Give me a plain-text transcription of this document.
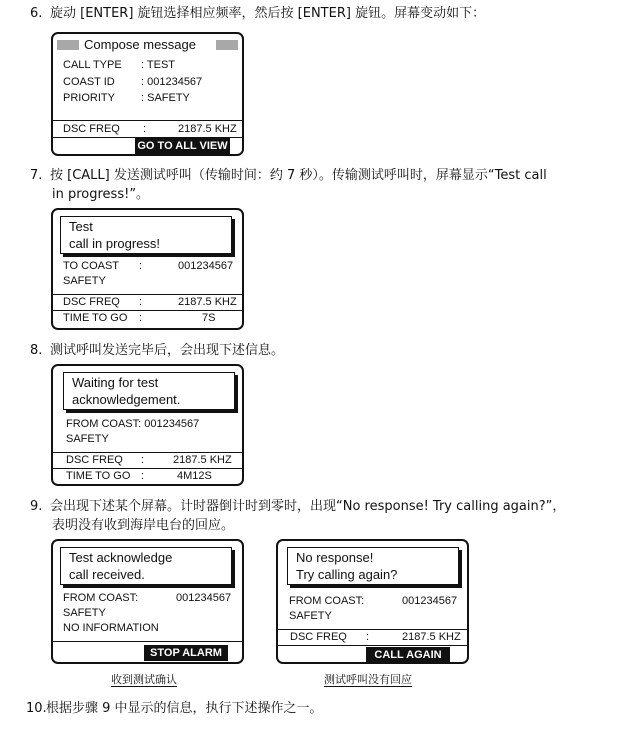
6. 旋动 [ENTER] 旋钮选择相应频率，然后按 [ENTER] 旋钮。屏幕变动如下：
Compose message
CALL TYPE : TEST
COAST ID : 001234567
PRIORITY : SAFETY
DSC FREQ :	2187.5 KHZ
GO TO ALL VIEW
7. 按 [CALL] 发送测试呼叫（传输时间：约 7 秒）。传输测试呼叫时，屏幕显示“Test call
in progress!”。
Test
call in progress!
TO COAST :	001234567
SAFETY
DSC FREQ :	2187.5 KHZ
TIME TO GO :	7S
8. 测试呼叫发送完毕后，会出现下述信息。
Waiting for test
acknowledgement.
FROM COAST: 001234567
SAFETY
DSC FREQ :	2187.5 KHZ
TIME TO GO :	4M12S
9. 会出现下述某个屏幕。计时器倒计时到零时，出现“No response! Try calling again?”，
表明没有收到海岸电台的回应。
Test acknowledge
call received.
FROM COAST:	001234567
SAFETY
NO INFORMATION
STOP ALARM
收到测试确认
No response!
Try calling again?
FROM COAST:	001234567
SAFETY
DSC FREQ :	2187.5 KHZ
CALL AGAIN
测试呼叫没有回应
10.根据步骤 9 中显示的信息，执行下述操作之一。
